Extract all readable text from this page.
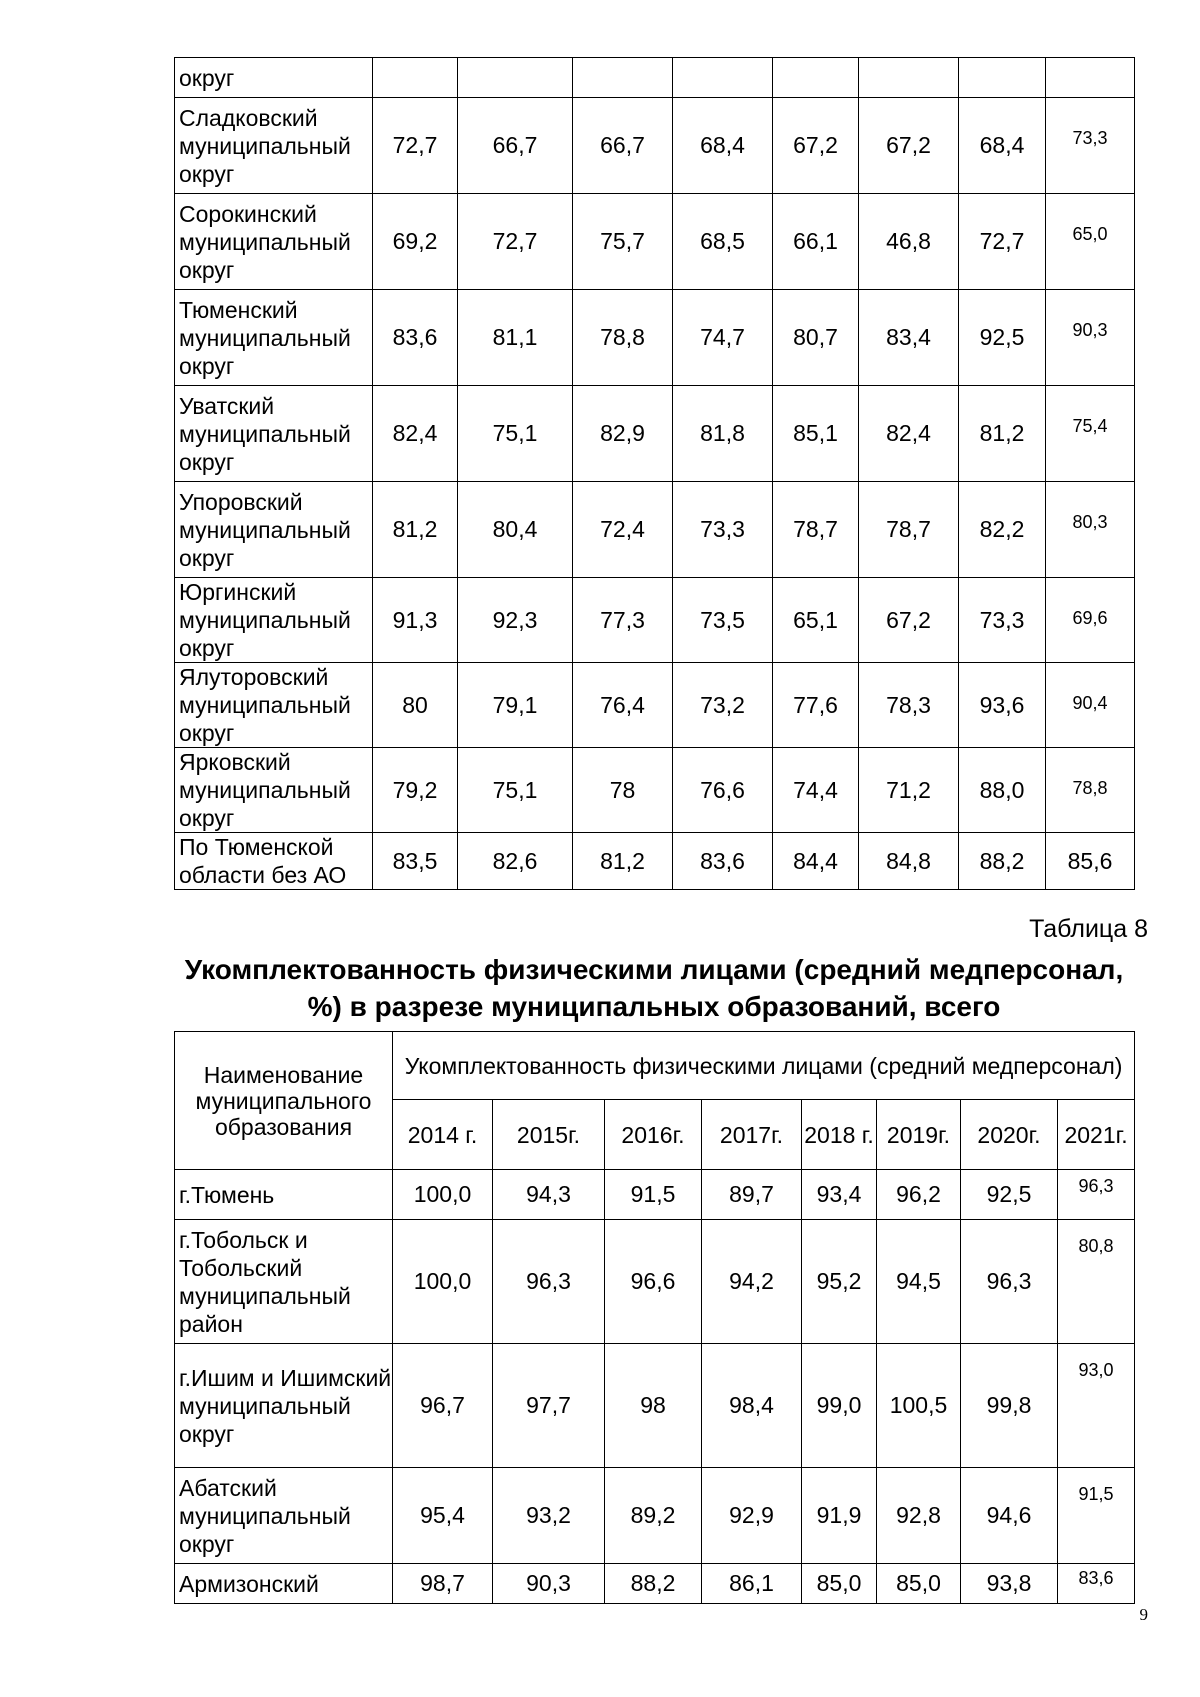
округ								
Сладковский муниципальный округ	72,7	66,7	66,7	68,4	67,2	67,2	68,4	73,3
Сорокинский муниципальный округ	69,2	72,7	75,7	68,5	66,1	46,8	72,7	65,0
Тюменский муниципальный округ	83,6	81,1	78,8	74,7	80,7	83,4	92,5	90,3
Уватский муниципальный округ	82,4	75,1	82,9	81,8	85,1	82,4	81,2	75,4
Упоровский муниципальный округ	81,2	80,4	72,4	73,3	78,7	78,7	82,2	80,3
Юргинский муниципальный округ	91,3	92,3	77,3	73,5	65,1	67,2	73,3	69,6
Ялуторовский муниципальный округ	80	79,1	76,4	73,2	77,6	78,3	93,6	90,4
Ярковский муниципальный округ	79,2	75,1	78	76,6	74,4	71,2	88,0	78,8
По Тюменской области без АО	83,5	82,6	81,2	83,6	84,4	84,8	88,2	85,6
Таблица 8
Укомплектованность физическими лицами (средний медперсонал, %) в разрезе муниципальных образований, всего
Наименование муниципального образования	Укомплектованность физическими лицами (средний медперсонал)							
	2014 г.	2015г.	2016г.	2017г.	2018 г.	2019г.	2020г.	2021г.
г.Тюмень	100,0	94,3	91,5	89,7	93,4	96,2	92,5	96,3
г.Тобольск и Тобольский муниципальный район	100,0	96,3	96,6	94,2	95,2	94,5	96,3	80,8
г.Ишим и Ишимский муниципальный округ	96,7	97,7	98	98,4	99,0	100,5	99,8	93,0
Абатский муниципальный округ	95,4	93,2	89,2	92,9	91,9	92,8	94,6	91,5
Армизонский	98,7	90,3	88,2	86,1	85,0	85,0	93,8	83,6
9
